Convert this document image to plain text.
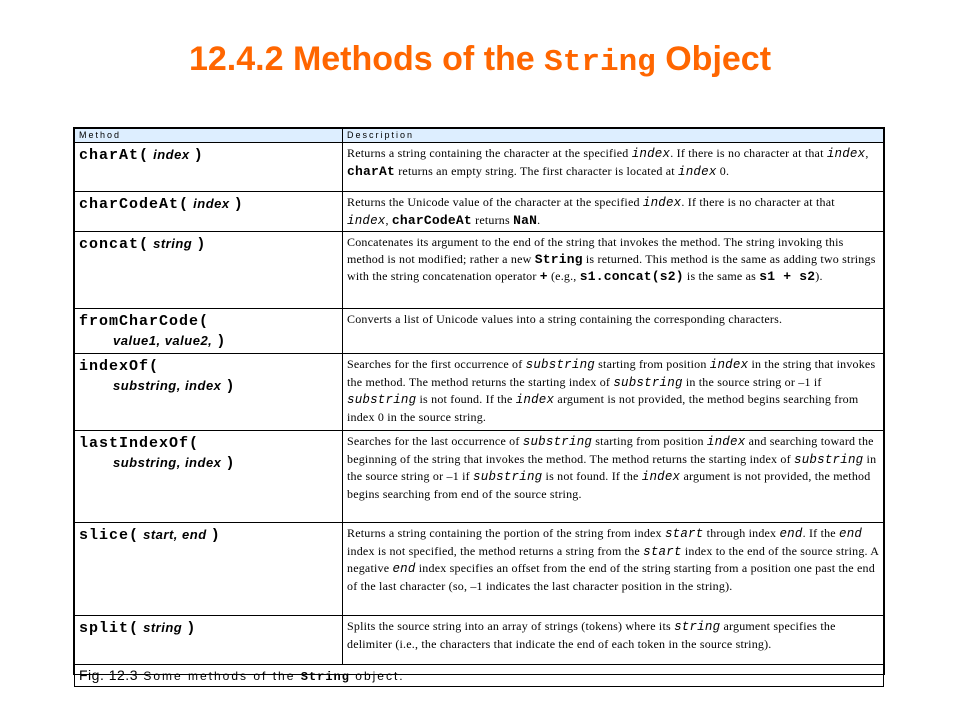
12.4.2 Methods of the String Object
Method	Description

charAt( index )	Returns a string containing the character at the specified index. If there is no character at that index, charAt returns an empty string. The first character is located at index 0.

charCodeAt( index )	Returns the Unicode value of the character at the specified index. If there is no character at that index, charCodeAt returns NaN.

concat( string )	Concatenates its argument to the end of the string that invokes the method. The string invoking this method is not modified; rather a new String is returned. This method is the same as adding two strings with the string concatenation operator + (e.g., s1.concat(s2) is the same as s1 + s2).

fromCharCode(
value1, value2, )	Converts a list of Unicode values into a string containing the corresponding characters.

indexOf(
substring, index )	Searches for the first occurrence of substring starting from position index in the string that invokes the method. The method returns the starting index of substring in the source string or –1 if substring is not found. If the index argument is not provided, the method begins searching from index 0 in the source string.

lastIndexOf(
substring, index )	Searches for the last occurrence of substring starting from position index and searching toward the beginning of the string that invokes the method. The method returns the starting index of substring in the source string or –1 if substring is not found. If the index argument is not provided, the method begins searching from end of the source string.

slice( start, end )	Returns a string containing the portion of the string from index start through index end. If the end index is not specified, the method returns a string from the start index to the end of the source string. A negative end index specifies an offset from the end of the string starting from a position one past the end of the last character (so, –1 indicates the last character position in the string).

split( string )	Splits the source string into an array of strings (tokens) where its string argument specifies the delimiter (i.e., the characters that indicate the end of each token in the source string).
Fig. 12.3 Some methods of the String object.	
